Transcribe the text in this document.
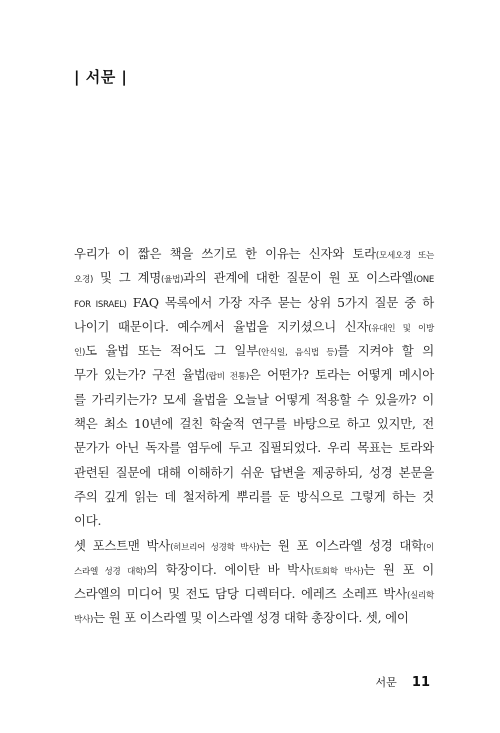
| 서문 |
우리가 이 짧은 책을 쓰기로 한 이유는 신자와 토라(모세오경 또는
오경) 및 그 계명(율법)과의 관계에 대한 질문이 원 포 이스라엘(ONE
FOR ISRAEL) FAQ 목록에서 가장 자주 묻는 상위 5가지 질문 중 하
나이기 때문이다. 예수께서 율법을 지키셨으니 신자(유대인 및 이방
인)도 율법 또는 적어도 그 일부(안식일, 음식법 등)를 지켜야 할 의
무가 있는가? 구전 율법(랍비 전통)은 어떤가? 토라는 어떻게 메시아
를 가리키는가? 모세 율법을 오늘날 어떻게 적용할 수 있을까? 이
책은 최소 10년에 걸친 학술적 연구를 바탕으로 하고 있지만, 전
문가가 아닌 독자를 염두에 두고 집필되었다. 우리 목표는 토라와
관련된 질문에 대해 이해하기 쉬운 답변을 제공하되, 성경 본문을
주의 깊게 읽는 데 철저하게 뿌리를 둔 방식으로 그렇게 하는 것
이다.
셋 포스트맨 박사(히브리어 성경학 박사)는 원 포 이스라엘 성경 대학(이
스라엘 성경 대학)의 학장이다. 에이탄 바 박사(토회학 박사)는 원 포 이
스라엘의 미디어 및 전도 담당 디렉터다. 에레즈 소레프 박사(실리학
박사)는 원 포 이스라엘 및 이스라엘 성경 대학 총장이다. 셋, 에이
서문 11
